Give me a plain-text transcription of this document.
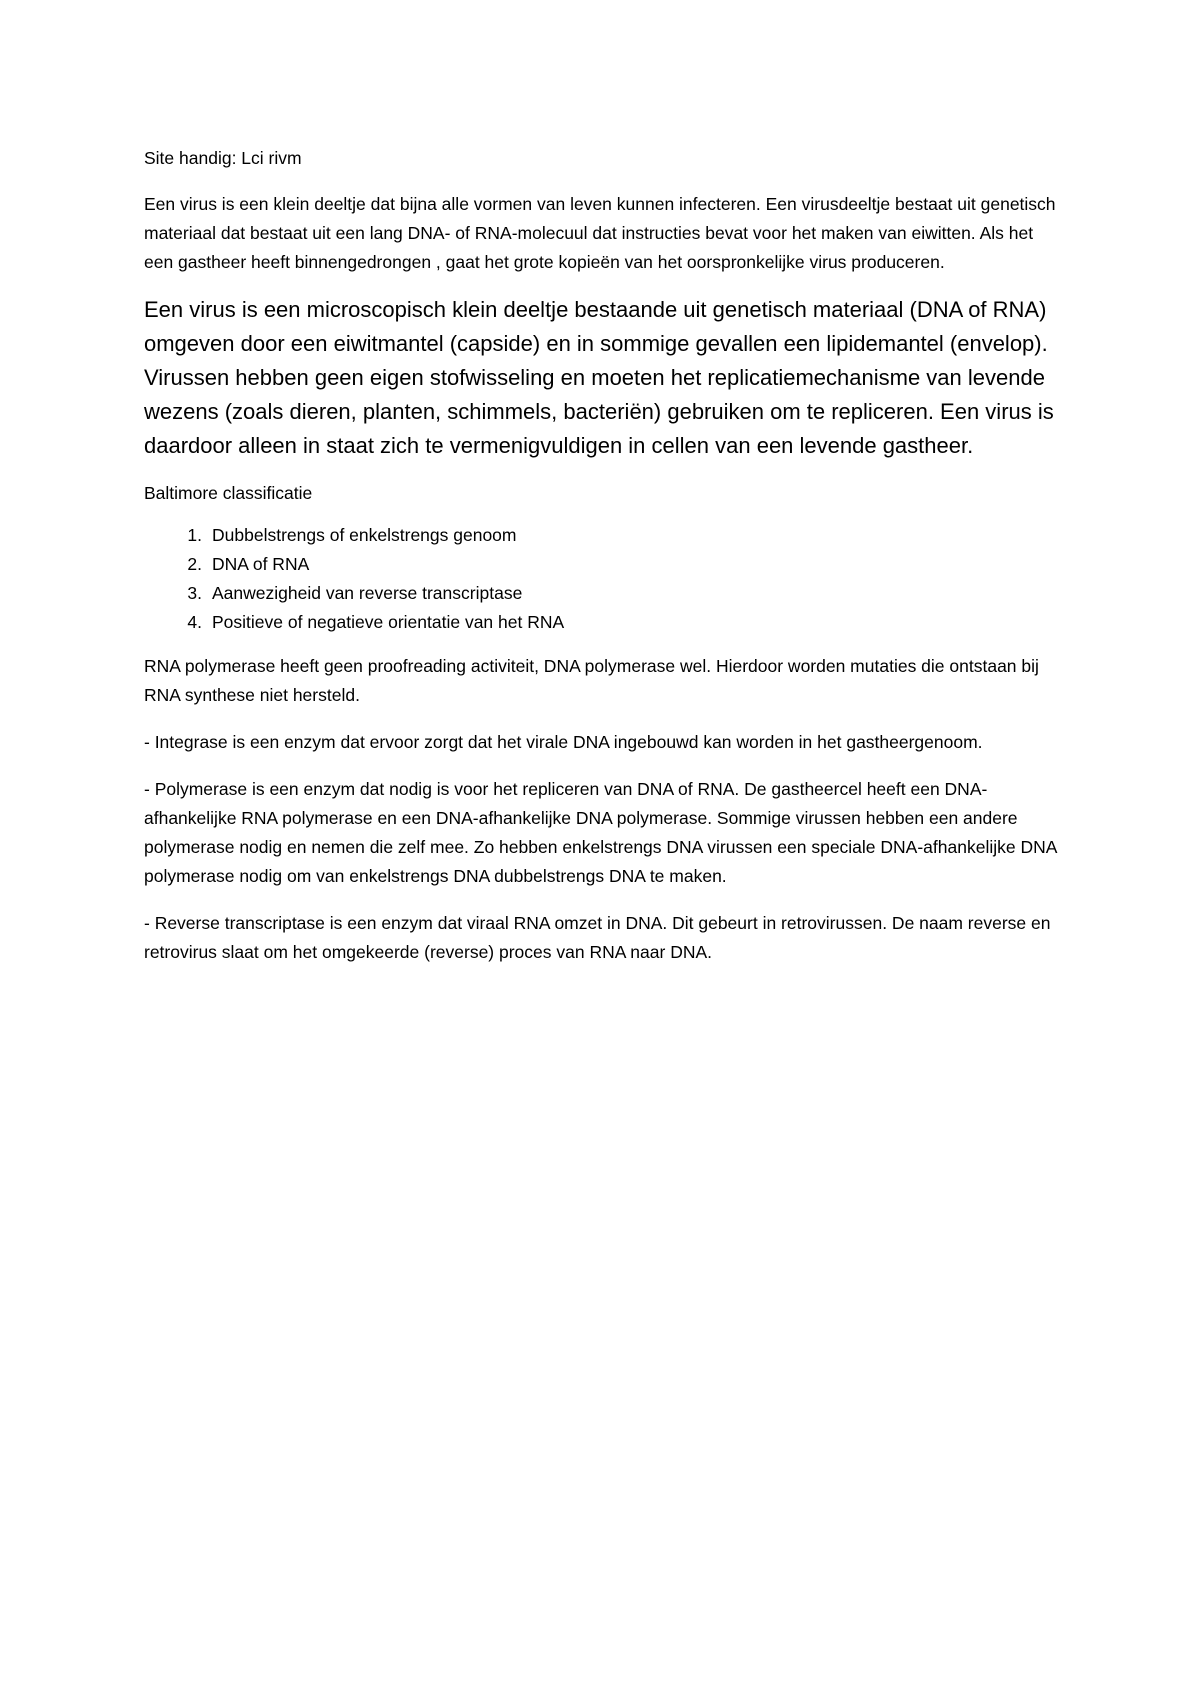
Site handig: Lci rivm

Een virus is een klein deeltje dat bijna alle vormen van leven kunnen infecteren. Een virusdeeltje bestaat uit genetisch materiaal dat bestaat uit een lang DNA- of RNA-molecuul dat instructies bevat voor het maken van eiwitten. Als het een gastheer heeft binnengedrongen , gaat het grote kopieën van het oorspronkelijke virus produceren.

Een virus is een microscopisch klein deeltje bestaande uit genetisch materiaal (DNA of RNA) omgeven door een eiwitmantel (capside) en in sommige gevallen een lipidemantel (envelop). Virussen hebben geen eigen stofwisseling en moeten het replicatiemechanisme van levende wezens (zoals dieren, planten, schimmels, bacteriën) gebruiken om te repliceren. Een virus is daardoor alleen in staat zich te vermenigvuldigen in cellen van een levende gastheer.

Baltimore classificatie

1. Dubbelstrengs of enkelstrengs genoom
2. DNA of RNA
3. Aanwezigheid van reverse transcriptase
4. Positieve of negatieve orientatie van het RNA

RNA polymerase heeft geen proofreading activiteit, DNA polymerase wel. Hierdoor worden mutaties die ontstaan bij RNA synthese niet hersteld.

- Integrase is een enzym dat ervoor zorgt dat het virale DNA ingebouwd kan worden in het gastheergenoom.

- Polymerase is een enzym dat nodig is voor het repliceren van DNA of RNA. De gastheercel heeft een DNA-afhankelijke RNA polymerase en een DNA-afhankelijke DNA polymerase. Sommige virussen hebben een andere polymerase nodig en nemen die zelf mee. Zo hebben enkelstrengs DNA virussen een speciale DNA-afhankelijke DNA polymerase nodig om van enkelstrengs DNA dubbelstrengs DNA te maken.

- Reverse transcriptase is een enzym dat viraal RNA omzet in DNA. Dit gebeurt in retrovirussen. De naam reverse en retrovirus slaat om het omgekeerde (reverse) proces van RNA naar DNA.
